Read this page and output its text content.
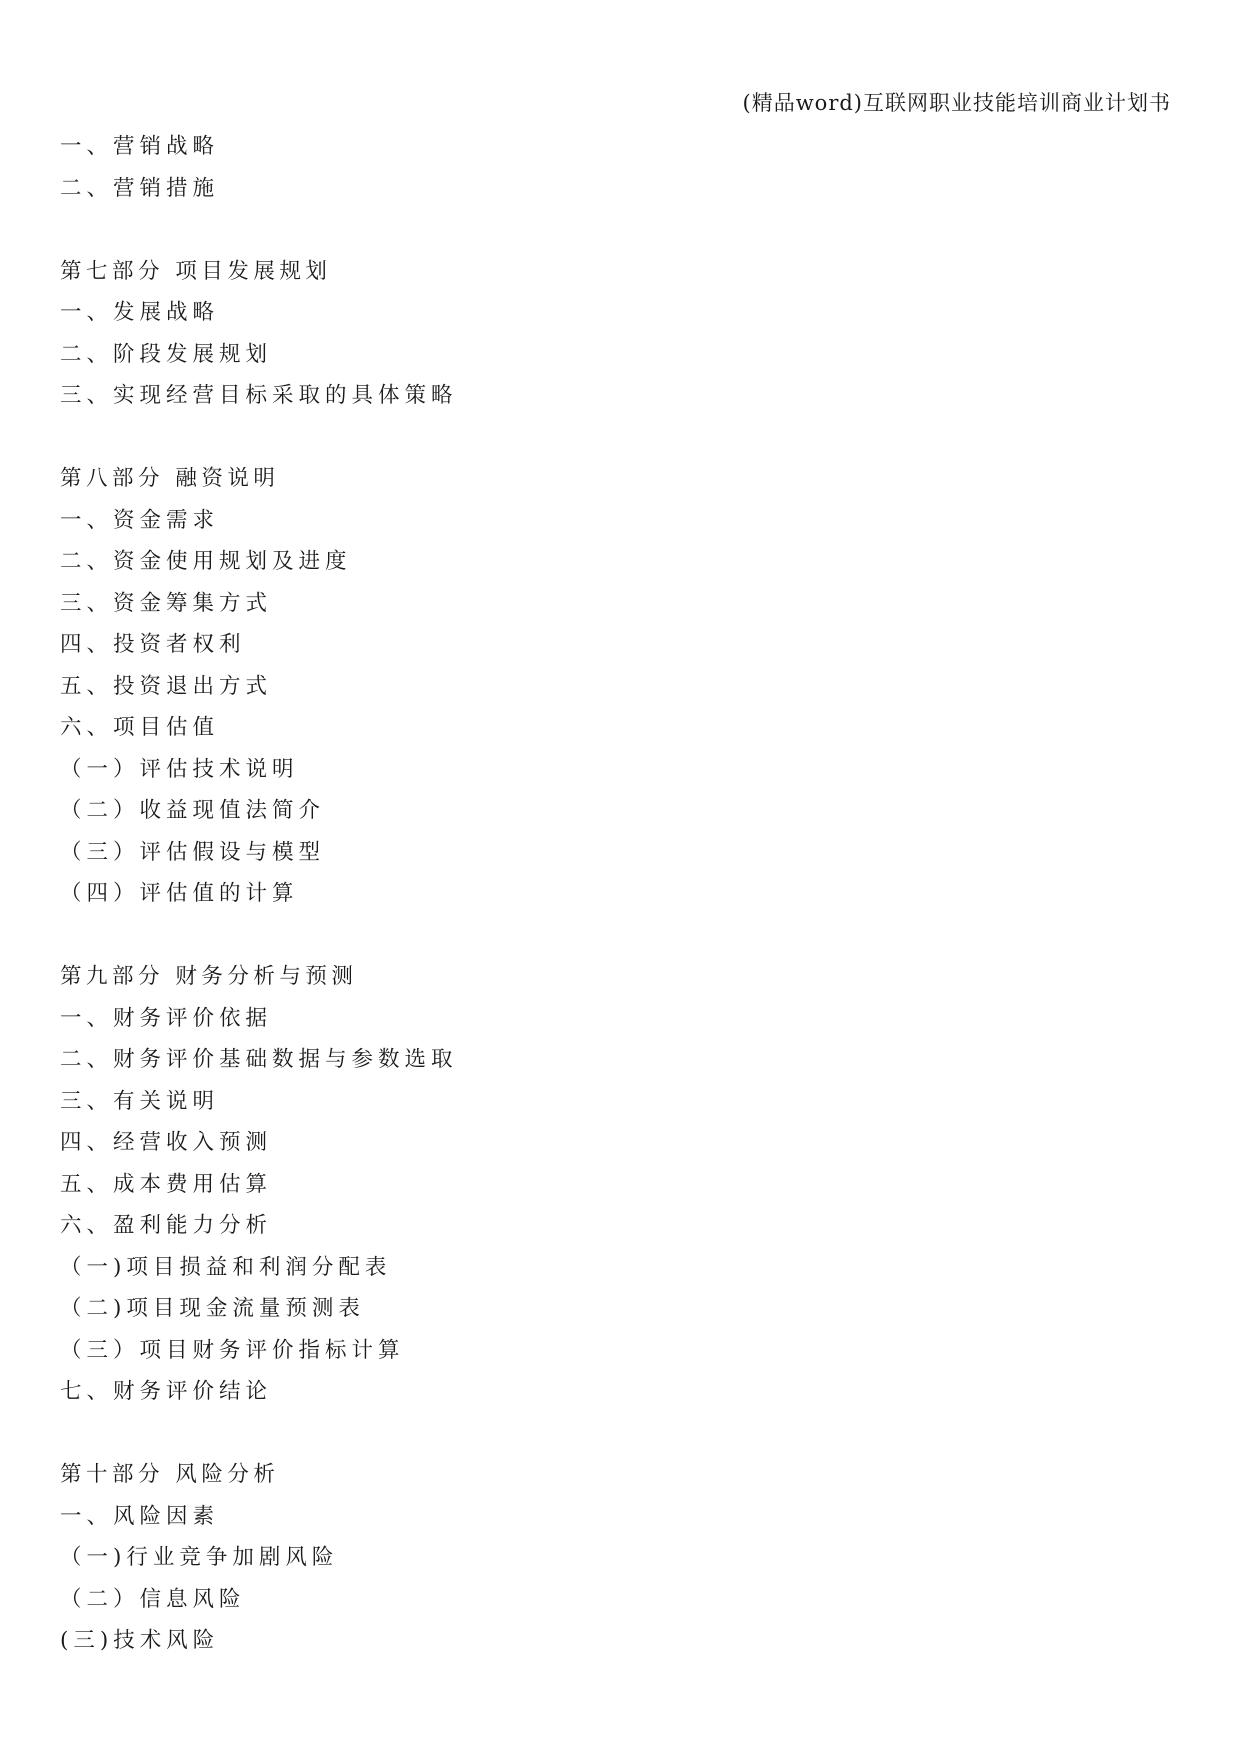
(精品word)互联网职业技能培训商业计划书
一、营销战略
二、营销措施
第七部分 项目发展规划
一、发展战略
二、阶段发展规划
三、实现经营目标采取的具体策略
第八部分 融资说明
一、资金需求
二、资金使用规划及进度
三、资金筹集方式
四、投资者权利
五、投资退出方式
六、项目估值
（一）评估技术说明
（二）收益现值法简介
（三）评估假设与模型
（四）评估值的计算
第九部分 财务分析与预测
一、财务评价依据
二、财务评价基础数据与参数选取
三、有关说明
四、经营收入预测
五、成本费用估算
六、盈利能力分析
（一)项目损益和利润分配表
（二)项目现金流量预测表
（三）项目财务评价指标计算
七、财务评价结论
第十部分 风险分析
一、风险因素
（一)行业竞争加剧风险
（二）信息风险
(三)技术风险
